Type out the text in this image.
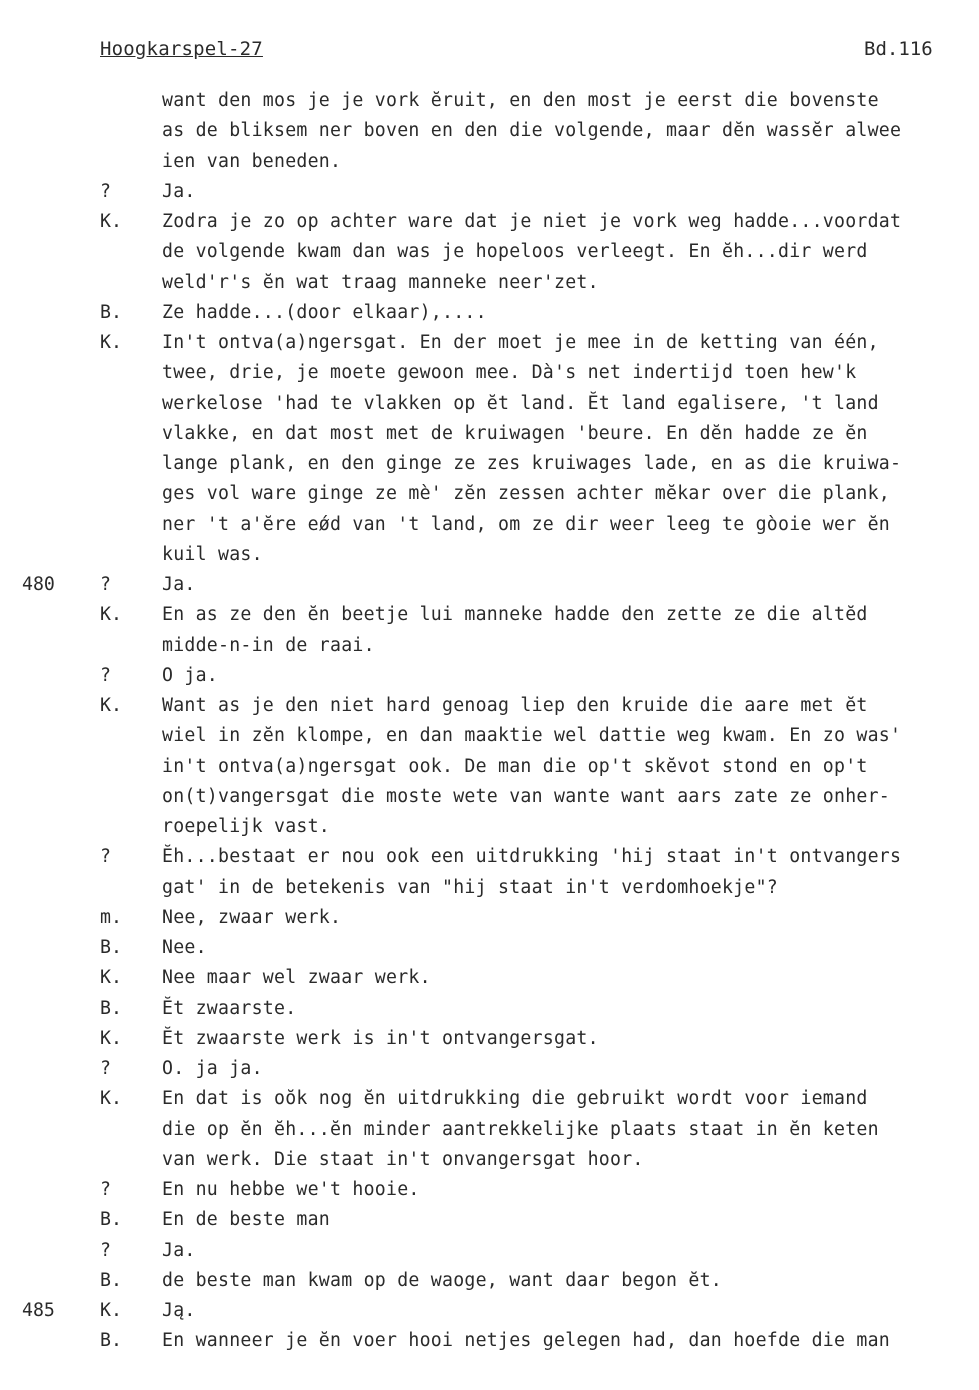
Hoogkarspel-27	Bd.116
want den mos je je vork ĕruit, en den most je eerst die bovenste
as de bliksem ner boven en den die volgende, maar dĕn wassĕr alwee
ien van beneden.
?	Ja.
K. Zodra je zo op achter ware dat je niet je vork weg hadde...voordat
de volgende kwam dan was je hopeloos verleegt. En ĕh...dir werd
weld'r's ĕn wat traag manneke neer'zet.
B. Ze hadde...(door elkaar),....
K. In't ontva(a)ngersgat. En der moet je mee in de ketting van één,
twee, drie, je moete gewoon mee. Dà's net indertijd toen hew'k
werkelose 'had te vlakken op ĕt land. Ĕt land egalisere, 't land
vlakke, en dat most met de kruiwagen 'beure. En dĕn hadde ze ĕn
lange plank, en den ginge ze zes kruiwages lade, en as die kruiwa-
ges vol ware ginge ze mè' zĕn zessen achter mĕkar over die plank,
ner 't a'ĕre eǿd van 't land, om ze dir weer leeg te gòoie wer ĕn
kuil was.
480 ?	Ja.
K. En as ze den ĕn beetje lui manneke hadde den zette ze die altĕd
midde-n-in de raai.
?	O ja.
K. Want as je den niet hard genoag liep den kruide die aare met ĕt
wiel in zĕn klompe, en dan maaktie wel dattie weg kwam. En zo was'
in't ontva(a)ngersgat ook. De man die op't skĕvot stond en op't
on(t)vangersgat die moste wete van wante want aars zate ze onher-
roepelijk vast.
?	Ĕh...bestaat er nou ook een uitdrukking 'hij staat in't ontvangers
gat' in de betekenis van "hij staat in't verdomhoekje"?
m. Nee, zwaar werk.
B. Nee.
K. Nee maar wel zwaar werk.
B. Ĕt zwaarste.
K. Ĕt zwaarste werk is in't ontvangersgat.
?	O. ja ja.
K. En dat is oŏk nog ĕn uitdrukking die gebruikt wordt voor iemand
die op ĕn ĕh...ĕn minder aantrekkelijke plaats staat in ĕn keten
van werk. Die staat in't onvangersgat hoor.
?	En nu hebbe we't hooie.
B. En de beste man
?	Ja.
B. de beste man kwam op de waoge, want daar begon ĕt.
485 K. Ją.
B. En wanneer je ĕn voer hooi netjes gelegen had, dan hoefde die man
